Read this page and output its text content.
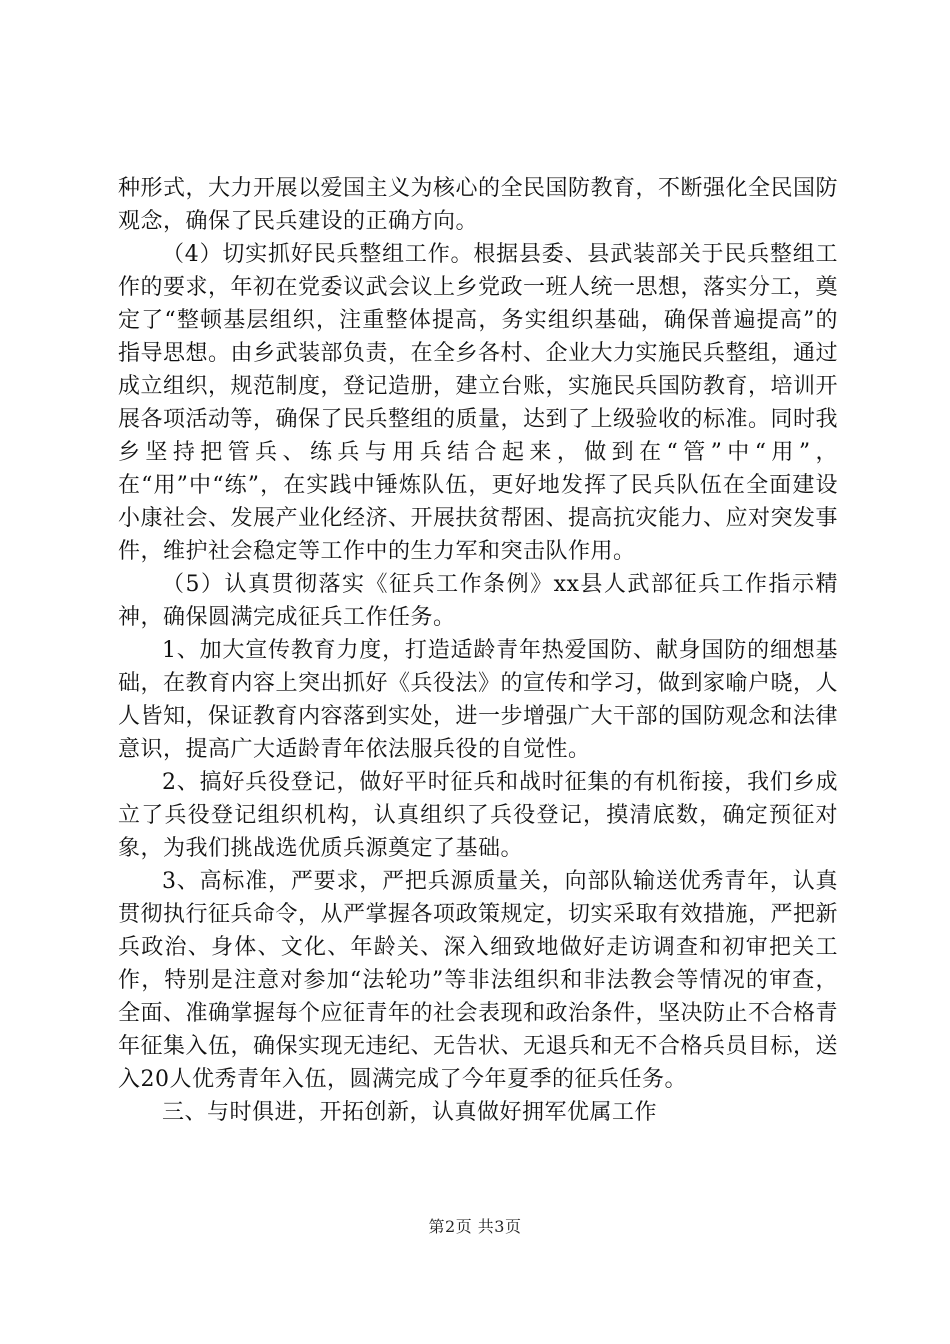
种形式，大力开展以爱国主义为核心的全民国防教育，不断强化全民国防观念，确保了民兵建设的正确方向。

（4）切实抓好民兵整组工作。根据县委、县武装部关于民兵整组工作的要求，年初在党委议武会议上乡党政一班人统一思想，落实分工，奠定了“整顿基层组织，注重整体提高，务实组织基础，确保普遍提高”的指导思想。由乡武装部负责，在全乡各村、企业大力实施民兵整组，通过成立组织，规范制度，登记造册，建立台账，实施民兵国防教育，培训开展各项活动等，确保了民兵整组的质量，达到了上级验收的标准。同时我乡坚持把管兵、练兵与用兵结合起来，做到在“管”中“用”，在“用”中“练”，在实践中锤炼队伍，更好地发挥了民兵队伍在全面建设小康社会、发展产业化经济、开展扶贫帮困、提高抗灾能力、应对突发事件，维护社会稳定等工作中的生力军和突击队作用。

（5）认真贯彻落实《征兵工作条例》xx县人武部征兵工作指示精神，确保圆满完成征兵工作任务。

1、加大宣传教育力度，打造适龄青年热爱国防、献身国防的细想基础，在教育内容上突出抓好《兵役法》的宣传和学习，做到家喻户晓，人人皆知，保证教育内容落到实处，进一步增强广大干部的国防观念和法律意识，提高广大适龄青年依法服兵役的自觉性。

2、搞好兵役登记，做好平时征兵和战时征集的有机衔接，我们乡成立了兵役登记组织机构，认真组织了兵役登记，摸清底数，确定预征对象，为我们挑战选优质兵源奠定了基础。

3、高标准，严要求，严把兵源质量关，向部队输送优秀青年，认真贯彻执行征兵命令，从严掌握各项政策规定，切实采取有效措施，严把新兵政治、身体、文化、年龄关、深入细致地做好走访调查和初审把关工作，特别是注意对参加“法轮功”等非法组织和非法教会等情况的审查，全面、准确掌握每个应征青年的社会表现和政治条件，坚决防止不合格青年征集入伍，确保实现无违纪、无告状、无退兵和无不合格兵员目标，送入20人优秀青年入伍，圆满完成了今年夏季的征兵任务。

三、与时俱进，开拓创新，认真做好拥军优属工作

第2页 共3页
